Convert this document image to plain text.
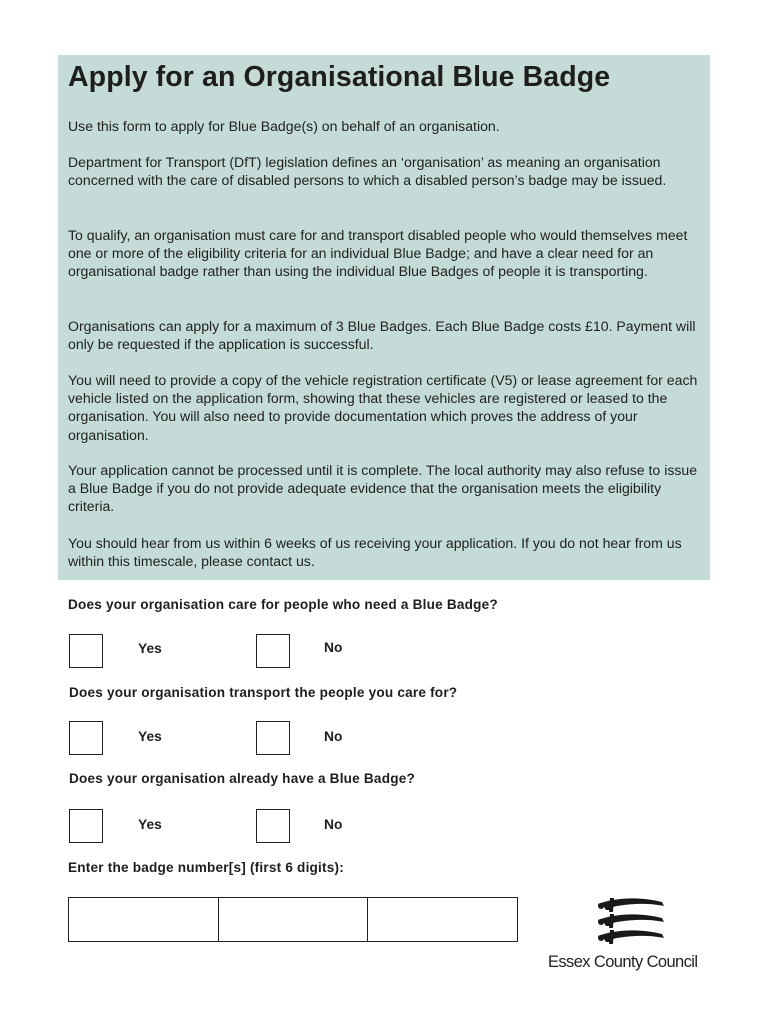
Apply for an Organisational Blue Badge

Use this form to apply for Blue Badge(s) on behalf of an organisation.

Department for Transport (DfT) legislation defines an ‘organisation’ as meaning an organisation concerned with the care of disabled persons to which a disabled person’s badge may be issued.

To qualify, an organisation must care for and transport disabled people who would themselves meet one or more of the eligibility criteria for an individual Blue Badge; and have a clear need for an organisational badge rather than using the individual Blue Badges of people it is transporting.

Organisations can apply for a maximum of 3 Blue Badges. Each Blue Badge costs £10. Payment will only be requested if the application is successful.

You will need to provide a copy of the vehicle registration certificate (V5) or lease agreement for each vehicle listed on the application form, showing that these vehicles are registered or leased to the organisation. You will also need to provide documentation which proves the address of your organisation.

Your application cannot be processed until it is complete. The local authority may also refuse to issue a Blue Badge if you do not provide adequate evidence that the organisation meets the eligibility criteria.

You should hear from us within 6 weeks of us receiving your application. If you do not hear from us within this timescale, please contact us.

Does your organisation care for people who need a Blue Badge?

Yes	No

Does your organisation transport the people you care for?

Yes	No

Does your organisation already have a Blue Badge?

Yes	No

Enter the badge number[s] (first 6 digits):

Essex County Council
